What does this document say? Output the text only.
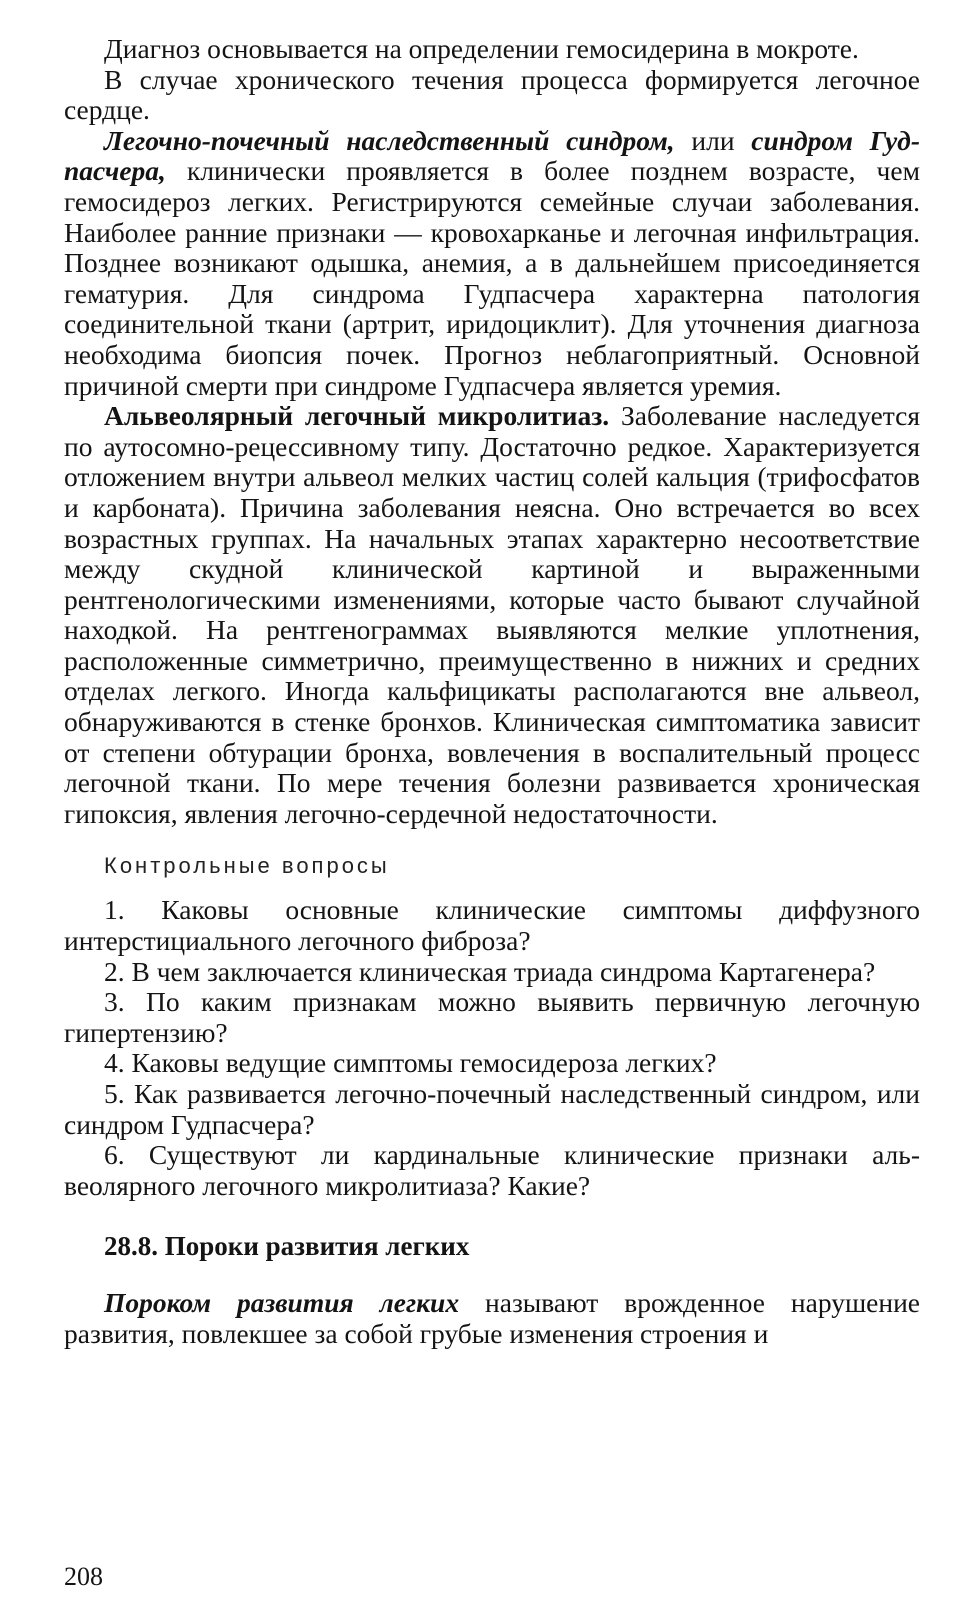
Диагноз основывается на определении гемосидерина в мокроте.

В случае хронического течения процесса формируется легочное сердце.

Легочно-почечный наследственный синдром, или синдром Гудпасчера, клинически проявляется в более позднем возрасте, чем гемосидероз легких. Регистрируются семейные случаи заболевания. Наиболее ранние признаки — кровохарканье и легочная инфильтрация. Позднее возникают одышка, анемия, а в дальнейшем присоединяется гематурия. Для синдрома Гудпасчера характерна патология соединительной ткани (артрит, иридоциклит). Для уточнения диагноза необходима биопсия почек. Прогноз неблагоприятный. Основной причиной смерти при синдроме Гудпасчера является уремия.

Альвеолярный легочный микролитиаз. Заболевание наследуется по аутосомно-рецессивному типу. Достаточно редкое. Характеризуется отложением внутри альвеол мелких частиц солей кальция (трифосфатов и карбоната). Причина заболевания неясна. Оно встречается во всех возрастных группах. На начальных этапах характерно несоответствие между скудной клинической картиной и выраженными рентгенологическими изменениями, которые часто бывают случайной находкой. На рентгенограммах выявляются мелкие уплотнения, расположенные симметрично, преимущественно в нижних и средних отделах легкого. Иногда кальфицикаты располагаются вне альвеол, обнаруживаются в стенке бронхов. Клиническая симптоматика зависит от степени обтурации бронха, вовлечения в воспалительный процесс легочной ткани. По мере течения болезни развивается хроническая гипоксия, явления легочно-сердечной недостаточности.

Контрольные вопросы

1. Каковы основные клинические симптомы диффузного интерстициального легочного фиброза?

2. В чем заключается клиническая триада синдрома Картагенера?

3. По каким признакам можно выявить первичную легочную гипертензию?

4. Каковы ведущие симптомы гемосидероза легких?

5. Как развивается легочно-почечный наследственный синдром, или синдром Гудпасчера?

6. Существуют ли кардинальные клинические признаки альвеолярного легочного микролитиаза? Какие?

28.8. Пороки развития легких

Пороком развития легких называют врожденное нарушение развития, повлекшее за собой грубые изменения строения и

208
